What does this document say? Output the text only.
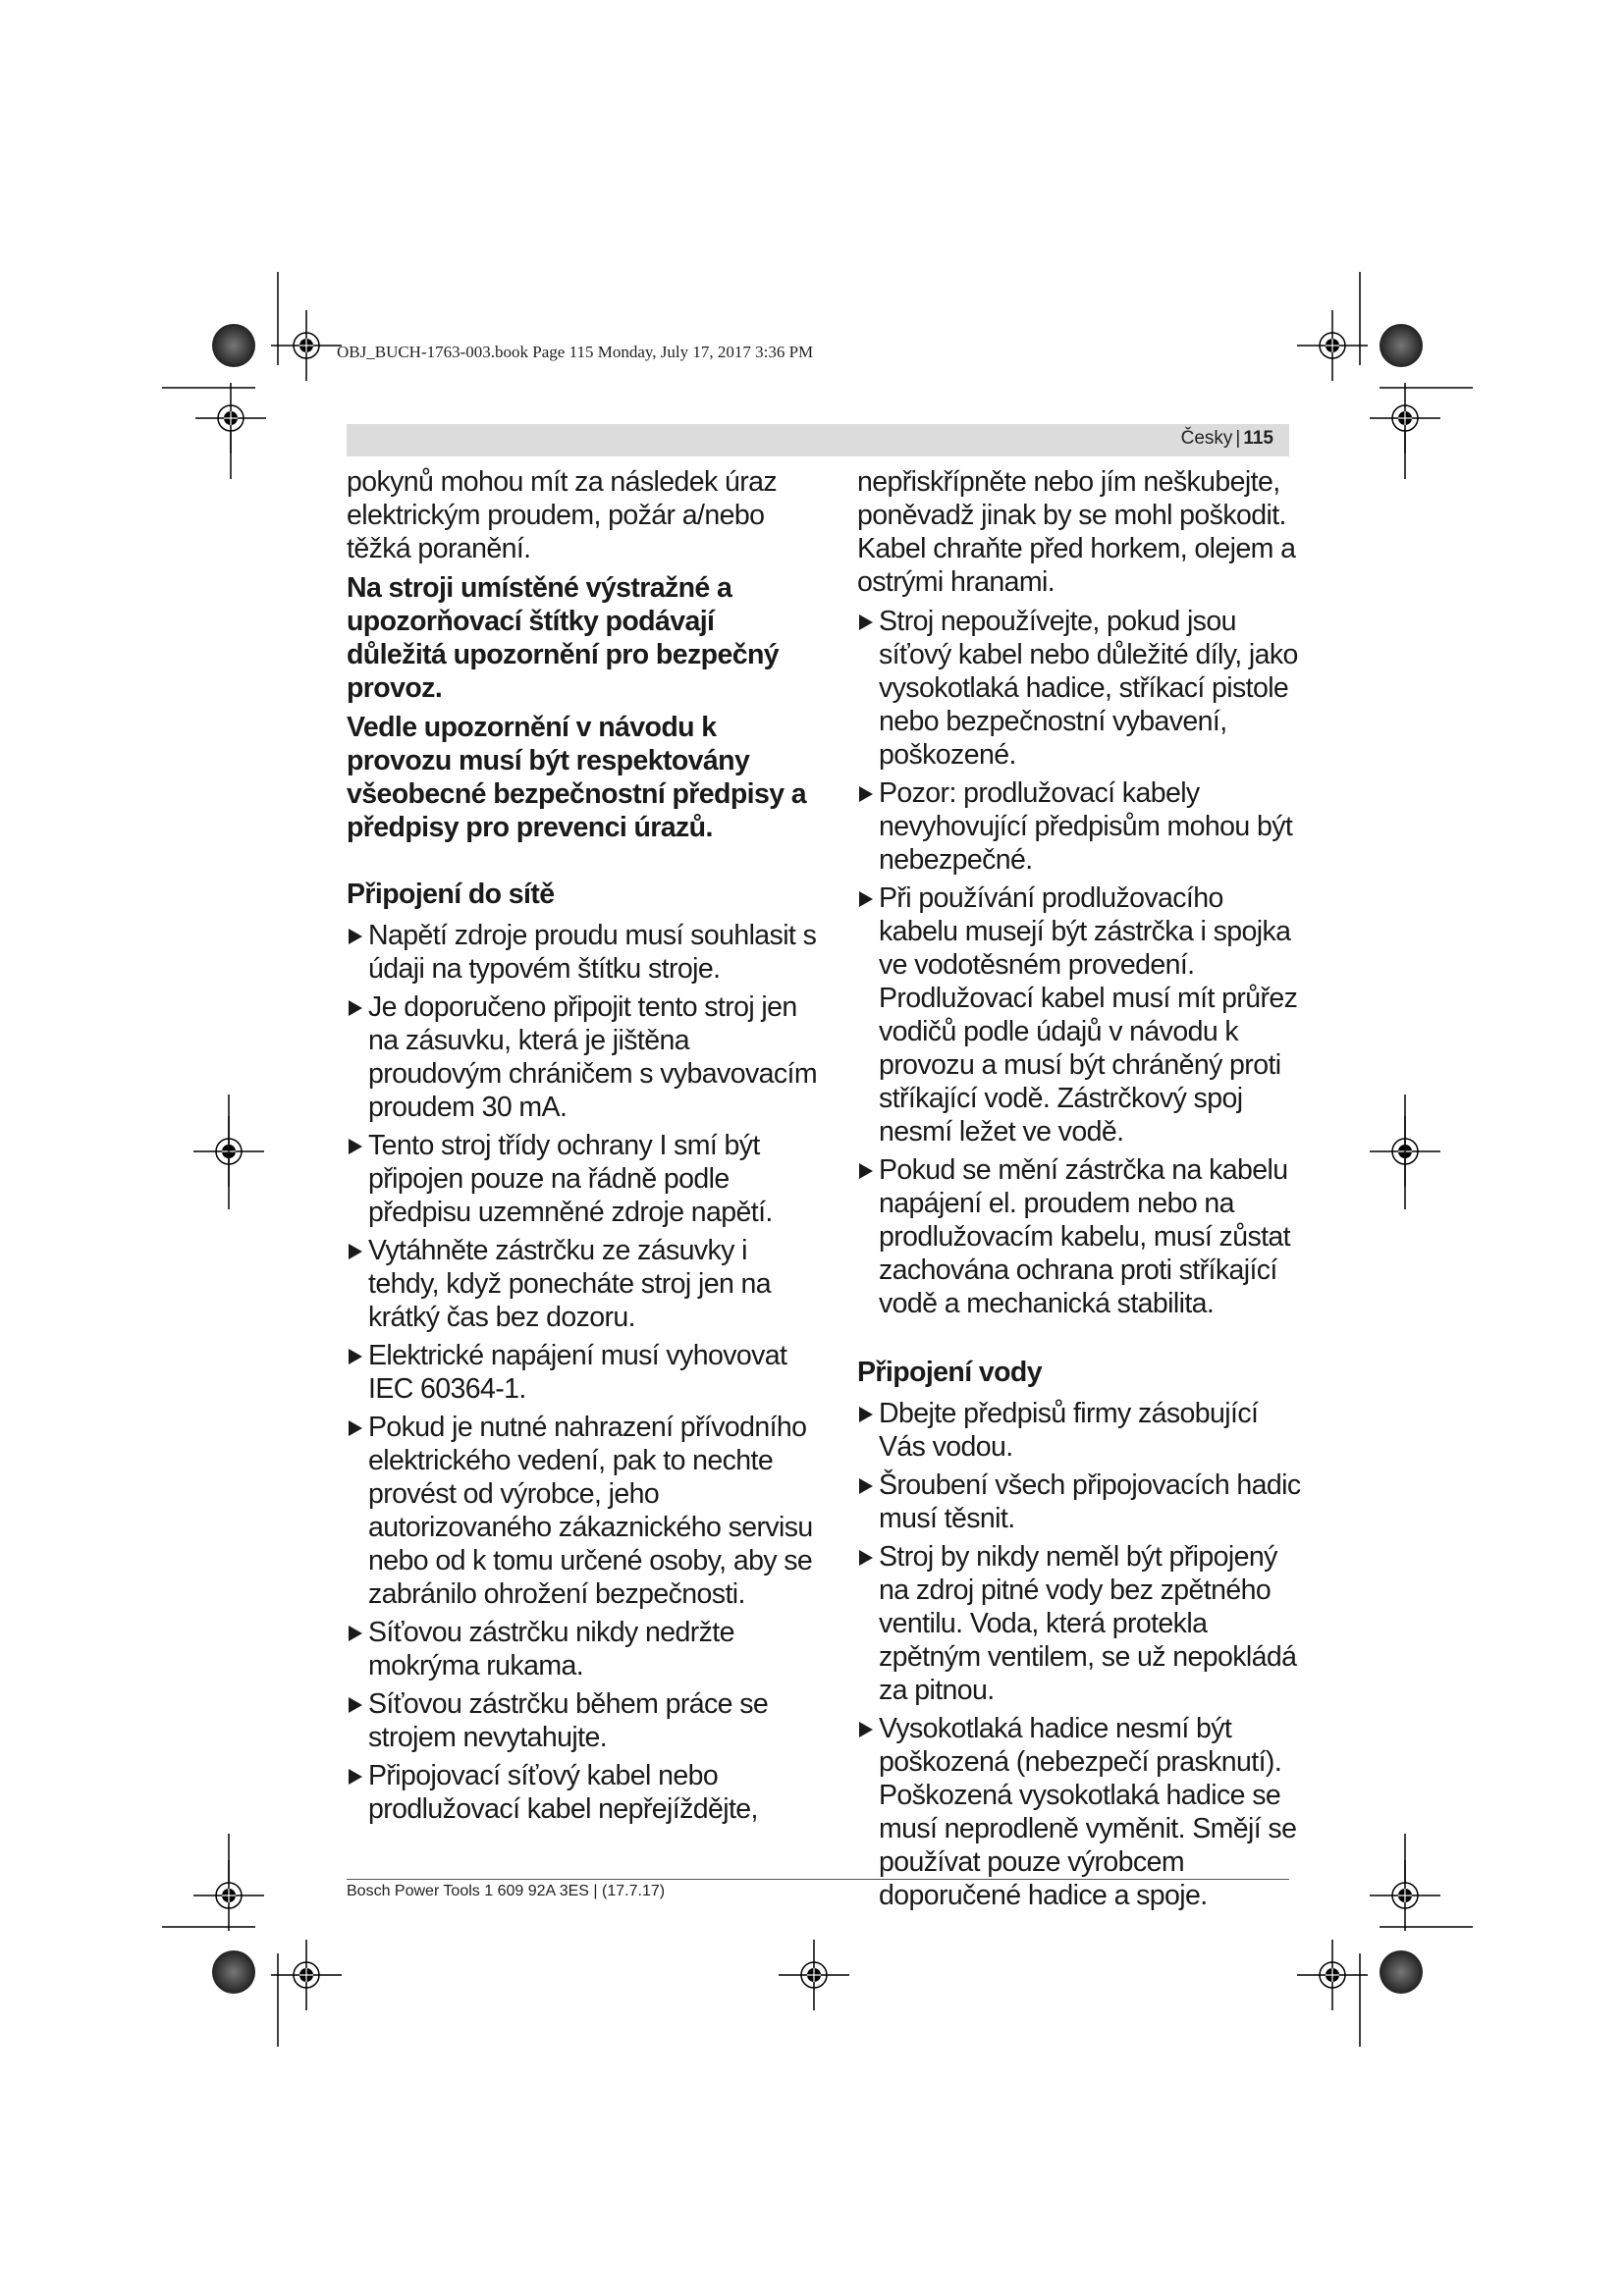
OBJ_BUCH-1763-003.book Page 115 Monday, July 17, 2017 3:36 PM
Česky | 115

pokynů mohou mít za následek úraz elektrickým proudem, požár a/nebo těžká poranění.

Na stroji umístěné výstražné a upozorňovací štítky podávají důležitá upozornění pro bezpečný provoz.

Vedle upozornění v návodu k provozu musí být respektovány všeobecné bezpečnostní předpisy a předpisy pro prevenci úrazů.

Připojení do sítě
Napětí zdroje proudu musí souhlasit s údaji na typovém štítku stroje.
Je doporučeno připojit tento stroj jen na zásuvku, která je jištěna proudovým chráničem s vybavovacím proudem 30 mA.
Tento stroj třídy ochrany I smí být připojen pouze na řádně podle předpisu uzemněné zdroje napětí.
Vytáhněte zástrčku ze zásuvky i tehdy, když ponecháte stroj jen na krátký čas bez dozoru.
Elektrické napájení musí vyhovovat IEC 60364-1.
Pokud je nutné nahrazení přívodního elektrického vedení, pak to nechte provést od výrobce, jeho autorizovaného zákaznického servisu nebo od k tomu určené osoby, aby se zabránilo ohrožení bezpečnosti.
Síťovou zástrčku nikdy nedržte mokrýma rukama.
Síťovou zástrčku během práce se strojem nevytahujte.
Připojovací síťový kabel nebo prodlužovací kabel nepřejíždějte,

nepřiskřípněte nebo jím neškubejte, poněvadž jinak by se mohl poškodit. Kabel chraňte před horkem, olejem a ostrými hranami.

Stroj nepoužívejte, pokud jsou síťový kabel nebo důležité díly, jako vysokotlaká hadice, stříkací pistole nebo bezpečnostní vybavení, poškozené.
Pozor: prodlužovací kabely nevyhovující předpisům mohou být nebezpečné.
Při používání prodlužovacího kabelu musejí být zástrčka i spojka ve vodotěsném provedení. Prodlužovací kabel musí mít průřez vodičů podle údajů v návodu k provozu a musí být chráněný proti stříkající vodě. Zástrčkový spoj nesmí ležet ve vodě.
Pokud se mění zástrčka na kabelu napájení el. proudem nebo na prodlužovacím kabelu, musí zůstat zachována ochrana proti stříkající vodě a mechanická stabilita.
Připojení vody
Dbejte předpisů firmy zásobující Vás vodou.
Šroubení všech připojovacích hadic musí těsnit.
Stroj by nikdy neměl být připojený na zdroj pitné vody bez zpětného ventilu. Voda, která protekla zpětným ventilem, se už nepokládá za pitnou.
Vysokotlaká hadice nesmí být poškozená (nebezpečí prasknutí). Poškozená vysokotlaká hadice se musí neprodleně vyměnit. Smějí se používat pouze výrobcem doporučené hadice a spoje.
Bosch Power Tools 1 609 92A 3ES | (17.7.17)
